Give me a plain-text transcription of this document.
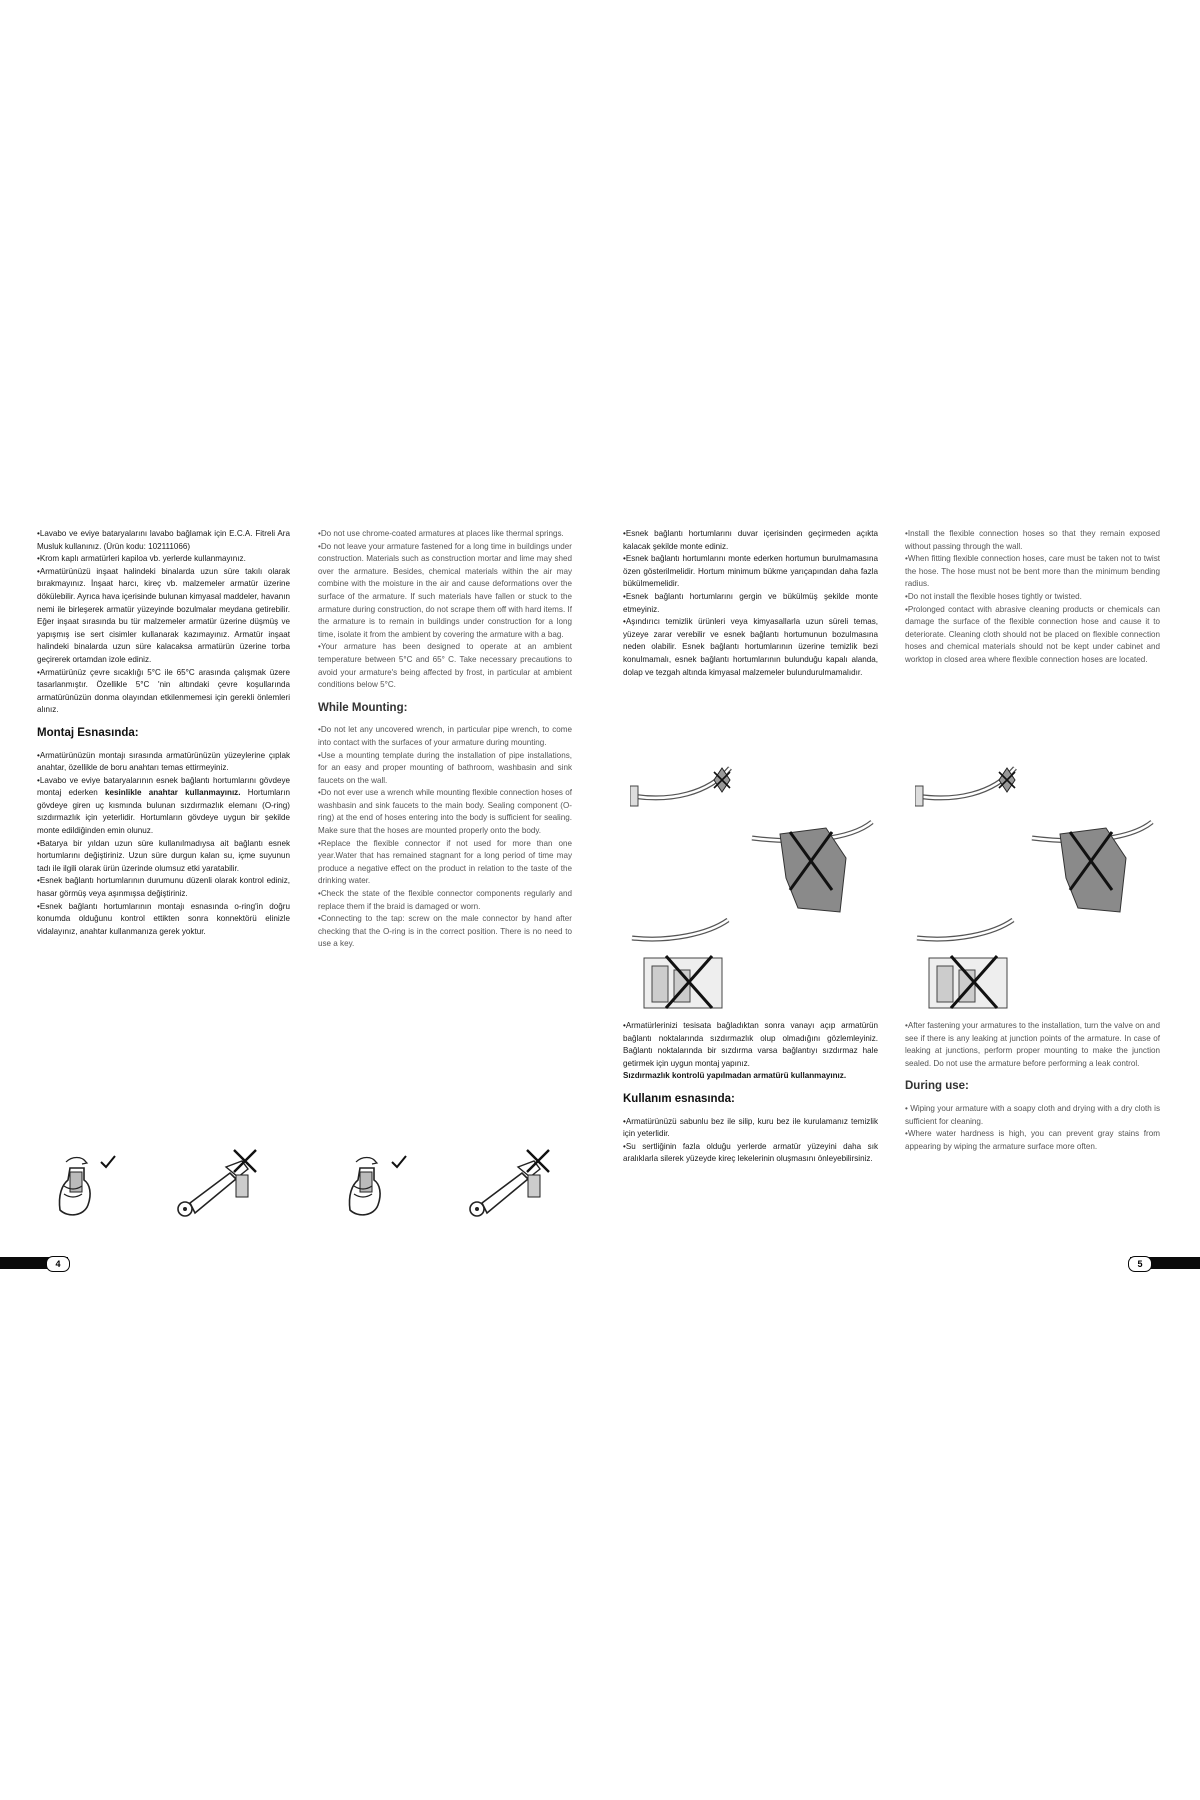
•Lavabo ve eviye bataryalarını lavabo bağlamak için E.C.A. Fitreli Ara Musluk kullanınız. (Ürün kodu: 102111066)

•Krom kaplı armatürleri kapiloa vb. yerlerde kullanmayınız.

•Armatürünüzü inşaat halindeki binalarda uzun süre takılı olarak bırakmayınız. İnşaat harcı, kireç vb. malzemeler armatür üzerine dökülebilir. Ayrıca hava içerisinde bulunan kimyasal maddeler, havanın nemi ile birleşerek armatür yüzeyinde bozulmalar meydana getirebilir. Eğer inşaat sırasında bu tür malzemeler armatür üzerine düşmüş ve yapışmış ise sert cisimler kullanarak kazımayınız. Armatür inşaat halindeki binalarda uzun süre kalacaksa armatürün üzerine torba geçirerek ortamdan izole ediniz.

•Armatürünüz çevre sıcaklığı 5°C ile 65°C arasında çalışmak üzere tasarlanmıştır. Özellikle 5°C 'nin altındaki çevre koşullarında armatürünüzün donma olayından etkilenmemesi için gerekli önlemleri alınız.

Montaj Esnasında:

•Armatürünüzün montajı sırasında armatürünüzün yüzeylerine çıplak anahtar, özellikle de boru anahtarı temas ettirmeyiniz.

•Lavabo ve eviye bataryalarının esnek bağlantı hortumlarını gövdeye montaj ederken kesinlikle anahtar kullanmayınız. Hortumların gövdeye giren uç kısmında bulunan sızdırmazlık elemanı (O-ring) sızdırmazlık için yeterlidir. Hortumların gövdeye uygun bir şekilde monte edildiğinden emin olunuz.

•Batarya bir yıldan uzun süre kullanılmadıysa ait bağlantı esnek hortumlarını değiştiriniz. Uzun süre durgun kalan su, içme suyunun tadı ile ilgili olarak ürün üzerinde olumsuz etki yaratabilir.

•Esnek bağlantı hortumlarının durumunu düzenli olarak kontrol ediniz, hasar görmüş veya aşınmışsa değiştiriniz.

•Esnek bağlantı hortumlarının montajı esnasında o-ring'in doğru konumda olduğunu kontrol ettikten sonra konnektörü elinizle vidalayınız, anahtar kullanmanıza gerek yoktur.

•Do not use chrome-coated armatures at places like thermal springs.

•Do not leave your armature fastened for a long time in buildings under construction. Materials such as construction mortar and lime may shed over the armature. Besides, chemical materials within the air may combine with the moisture in the air and cause deformations over the surface of the armature. If such materials have fallen or stuck to the armature during construction, do not scrape them off with hard items. If the armature is to remain in buildings under construction for a long time, isolate it from the ambient by covering the armature with a bag.

•Your armature has been designed to operate at an ambient temperature between 5°C and 65° C. Take necessary precautions to avoid your armature's being affected by frost, in particular at ambient conditions below 5°C.

While Mounting:

•Do not let any uncovered wrench, in particular pipe wrench, to come into contact with the surfaces of your armature during mounting.

•Use a mounting template during the installation of pipe installations, for an easy and proper mounting of bathroom, washbasin and sink faucets on the wall.

•Do not ever use a wrench while mounting flexible connection hoses of washbasin and sink faucets to the main body. Sealing component (O-ring) at the end of hoses entering into the body is sufficient for sealing. Make sure that the hoses are mounted properly onto the body.

•Replace the flexible connector if not used for more than one year.Water that has remained stagnant for a long period of time may produce a negative effect on the product in relation to the taste of the drinking water.

•Check the state of the flexible connector components regularly and replace them if the braid is damaged or worn.

•Connecting to the tap: screw on the male connector by hand after checking that the O-ring is in the correct position. There is no need to use a key.

4

•Esnek bağlantı hortumlarını duvar içerisinden geçirmeden açıkta kalacak şekilde monte ediniz.

•Esnek bağlantı hortumlarını monte ederken hortumun burulmamasına özen gösterilmelidir. Hortum minimum bükme yarıçapından daha fazla bükülmemelidir.

•Esnek bağlantı hortumlarını gergin ve bükülmüş şekilde monte etmeyiniz.

•Aşındırıcı temizlik ürünleri veya kimyasallarla uzun süreli temas, yüzeye zarar verebilir ve esnek bağlantı hortumunun bozulmasına neden olabilir. Esnek bağlantı hortumlarının üzerine temizlik bezi konulmamalı, esnek bağlantı hortumlarının bulunduğu kapalı alanda, dolap ve tezgah altında kimyasal malzemeler bulundurulmamalıdır.

•Install the flexible connection hoses so that they remain exposed without passing through the wall.

•When fitting flexible connection hoses, care must be taken not to twist the hose. The hose must not be bent more than the minimum bending radius.

•Do not install the flexible hoses tightly or twisted.

•Prolonged contact with abrasive cleaning products or chemicals can damage the surface of the flexible connection hose and cause it to deteriorate. Cleaning cloth should not be placed on flexible connection hoses and chemical materials should not be kept under cabinet and worktop in closed area where flexible connection hoses are located.

•Armatürlerinizi tesisata bağladıktan sonra vanayı açıp armatürün bağlantı noktalarında sızdırmazlık olup olmadığını gözlemleyiniz. Bağlantı noktalarında bir sızdırma varsa bağlantıyı sızdırmaz hale getirmek için uygun montaj yapınız.

Sızdırmazlık kontrolü yapılmadan armatürü kullanmayınız.

Kullanım esnasında:

•Armatürünüzü sabunlu bez ile silip, kuru bez ile kurulamanız temizlik için yeterlidir.

•Su sertliğinin fazla olduğu yerlerde armatür yüzeyini daha sık aralıklarla silerek yüzeyde kireç lekelerinin oluşmasını önleyebilirsiniz.

•After fastening your armatures to the installation, turn the valve on and see if there is any leaking at junction points of the armature. In case of leaking at junctions, perform proper mounting to make the junction sealed. Do not use the armature before performing a leak control.

During use:

• Wiping your armature with a soapy cloth and drying with a dry cloth is sufficient for cleaning.

•Where water hardness is high, you can prevent gray stains from appearing by wiping the armature surface more often.

5
